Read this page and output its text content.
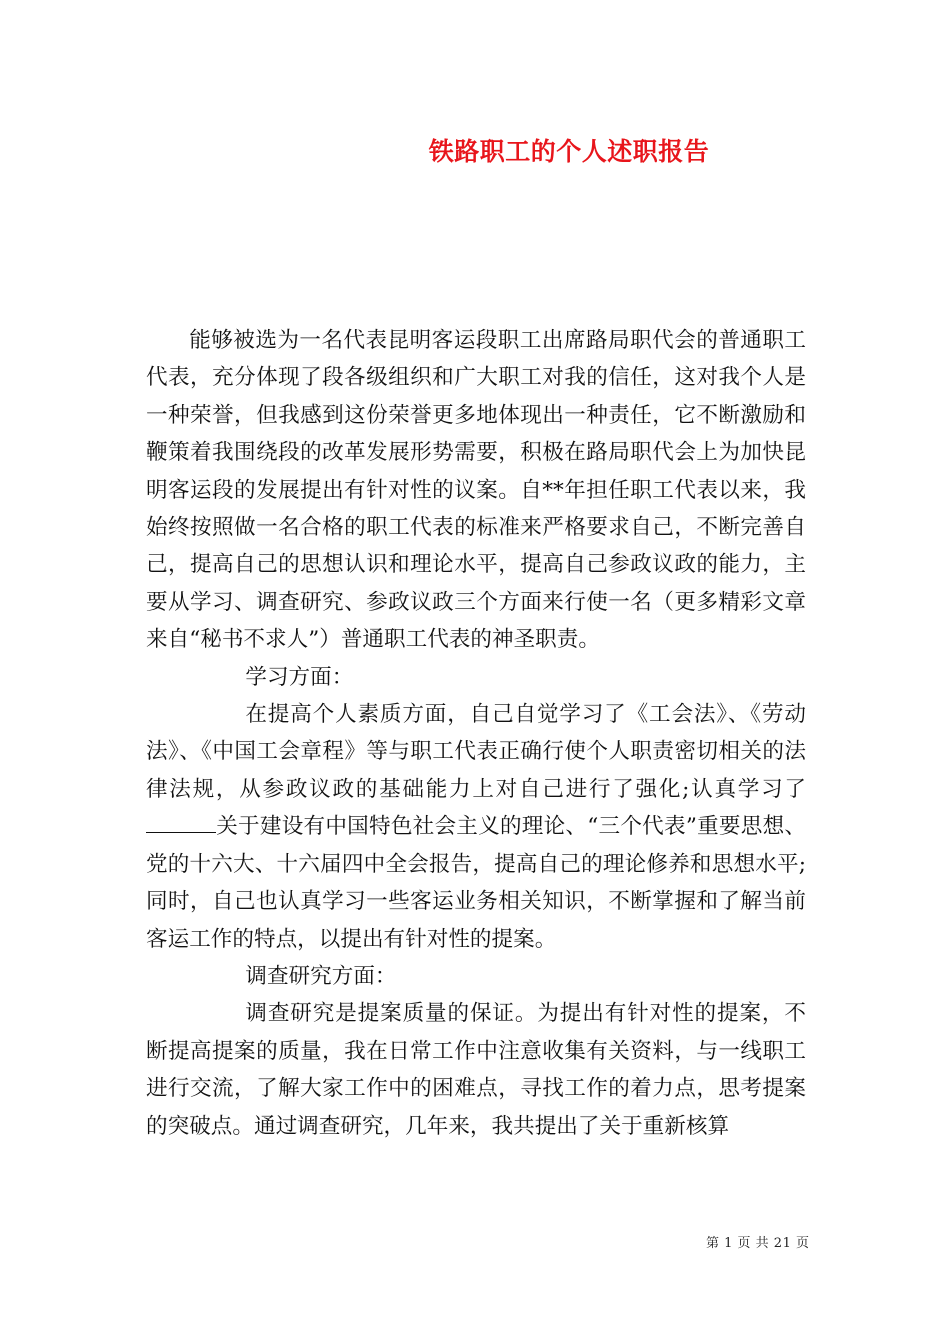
铁路职工的个人述职报告

能够被选为一名代表昆明客运段职工出席路局职代会的普通职工代表，充分体现了段各级组织和广大职工对我的信任，这对我个人是一种荣誉，但我感到这份荣誉更多地体现出一种责任，它不断激励和鞭策着我围绕段的改革发展形势需要，积极在路局职代会上为加快昆明客运段的发展提出有针对性的议案。自**年担任职工代表以来，我始终按照做一名合格的职工代表的标准来严格要求自己，不断完善自己，提高自己的思想认识和理论水平，提高自己参政议政的能力，主要从学习、调查研究、参政议政三个方面来行使一名（更多精彩文章来自“秘书不求人”）普通职工代表的神圣职责。

学习方面：

在提高个人素质方面，自己自觉学习了《工会法》、《劳动法》、《中国工会章程》等与职工代表正确行使个人职责密切相关的法律法规，从参政议政的基础能力上对自己进行了强化;认真学习了关于建设有中国特色社会主义的理论、“三个代表”重要思想、党的十六大、十六届四中全会报告，提高自己的理论修养和思想水平;同时，自己也认真学习一些客运业务相关知识，不断掌握和了解当前客运工作的特点，以提出有针对性的提案。

调查研究方面：

调查研究是提案质量的保证。为提出有针对性的提案，不断提高提案的质量，我在日常工作中注意收集有关资料，与一线职工进行交流，了解大家工作中的困难点，寻找工作的着力点，思考提案的突破点。通过调查研究，几年来，我共提出了关于重新核算

第 1 页 共 21 页
